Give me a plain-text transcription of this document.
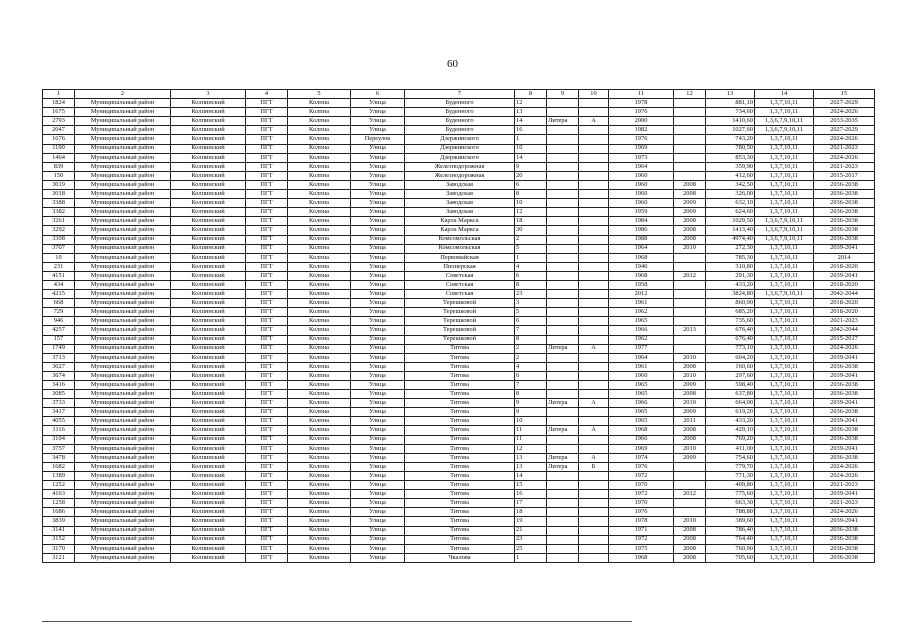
60
1	2	3	4	5	6	7	8	9	10	11	12	13	14	15
1824	Муниципальный район	Колпинский	ПГТ	Колпна	Улица	Буденного	12			1978		881,10	1,3,7,10,11	2027-2029
1675	Муниципальный район	Колпинский	ПГТ	Колпна	Улица	Буденного	13			1976		734,60	1,3,7,10,11	2024-2026
2793	Муниципальный район	Колпинский	ПГТ	Колпна	Улица	Буденного	14	Литера	А	2000		1410,60	1,3,6,7,9,10,11	2033-2035
2047	Муниципальный район	Колпинский	ПГТ	Колпна	Улица	Буденного	16			1982		1027,60	1,3,6,7,9,10,11	2027-2029
1676	Муниципальный район	Колпинский	ПГТ	Колпна	Переулок	Дзержинского	1			1976		743,20	1,3,7,10,11	2024-2026
1190	Муниципальный район	Колпинский	ПГТ	Колпна	Улица	Дзержинского	10			1969		780,50	1,3,7,10,11	2021-2023
1464	Муниципальный район	Колпинский	ПГТ	Колпна	Улица	Дзержинского	14			1973		853,30	1,3,7,10,11	2024-2026
839	Муниципальный район	Колпинский	ПГТ	Колпна	Улица	Железнодорожная	9			1964		359,90	1,3,7,10,11	2021-2023
150	Муниципальный район	Колпинский	ПГТ	Колпна	Улица	Железнодорожная	20			1960		412,60	1,3,7,10,11	2015-2017
3019	Муниципальный район	Колпинский	ПГТ	Колпна	Улица	Заводская	6			1960	2008	342,50	1,3,7,10,11	2036-2038
3018	Муниципальный район	Колпинский	ПГТ	Колпна	Улица	Заводская	8			1960	2008	326,00	1,3,7,10,11	2036-2038
3388	Муниципальный район	Колпинский	ПГТ	Колпна	Улица	Заводская	10			1960	2009	632,10	1,3,7,10,11	2036-2038
3382	Муниципальный район	Колпинский	ПГТ	Колпна	Улица	Заводская	12			1959	2009	624,60	1,3,7,10,11	2036-2038
3261	Муниципальный район	Колпинский	ПГТ	Колпна	Улица	Карла Маркса	18			1984	2008	1029,50	1,3,6,7,9,10,11	2036-2038
3292	Муниципальный район	Колпинский	ПГТ	Колпна	Улица	Карла Маркса	30			1986	2008	1413,40	1,3,6,7,9,10,11	2036-2038
3308	Муниципальный район	Колпинский	ПГТ	Колпна	Улица	Комсомольская	2			1988	2008	4974,40	1,3,6,7,9,10,11	2036-2038
3707	Муниципальный район	Колпинский	ПГТ	Колпна	Улица	Комсомольская	5			1964	2010	272,30	1,3,7,10,11	2039-2041
10	Муниципальный район	Колпинский	ПГТ	Колпна	Улица	Первомайская	1			1968		785,30	1,3,7,10,11	2014
231	Муниципальный район	Колпинский	ПГТ	Колпна	Улица	Пионерская	4			1940		310,80	1,3,7,10,11	2018-2020
4151	Муниципальный район	Колпинский	ПГТ	Колпна	Улица	Советская	6			1968	2012	291,30	1,3,7,10,11	2039-2041
434	Муниципальный район	Колпинский	ПГТ	Колпна	Улица	Советская	8			1958		433,20	1,3,7,10,11	2018-2020
4215	Муниципальный район	Колпинский	ПГТ	Колпна	Улица	Советская	23			2012		3824,80	1,3,6,7,9,10,11	2042-2044
668	Муниципальный район	Колпинский	ПГТ	Колпна	Улица	Терешковой	3			1961		860,00	1,3,7,10,11	2018-2020
729	Муниципальный район	Колпинский	ПГТ	Колпна	Улица	Терешковой	5			1962		685,20	1,3,7,10,11	2018-2020
946	Муниципальный район	Колпинский	ПГТ	Колпна	Улица	Терешковой	6			1965		735,60	1,3,7,10,11	2021-2023
4257	Муниципальный район	Колпинский	ПГТ	Колпна	Улица	Терешковой	7			1966	2013	676,40	1,3,7,10,11	2042-2044
157	Муниципальный район	Колпинский	ПГТ	Колпна	Улица	Терешковой	8			1962		676,40	1,3,7,10,11	2015-2017
1749	Муниципальный район	Колпинский	ПГТ	Колпна	Улица	Титова	2	Литера	А	1977		773,10	1,3,7,10,11	2024-2026
3713	Муниципальный район	Колпинский	ПГТ	Колпна	Улица	Титова	2			1964	2010	604,20	1,3,7,10,11	2039-2041
3027	Муниципальный район	Колпинский	ПГТ	Колпна	Улица	Титова	4			1961	2008	160,60	1,3,7,10,11	2036-2038
3674	Муниципальный район	Колпинский	ПГТ	Колпна	Улица	Титова	6			1960	2010	297,60	1,3,7,10,11	2039-2041
3416	Муниципальный район	Колпинский	ПГТ	Колпна	Улица	Титова	7			1965	2009	598,40	1,3,7,10,11	2036-2038
3085	Муниципальный район	Колпинский	ПГТ	Колпна	Улица	Титова	8			1965	2008	637,80	1,3,7,10,11	2036-2038
3733	Муниципальный район	Колпинский	ПГТ	Колпна	Улица	Титова	9	Литера	А	1966	2010	664,00	1,3,7,10,11	2039-2041
3417	Муниципальный район	Колпинский	ПГТ	Колпна	Улица	Титова	9			1965	2009	619,20	1,3,7,10,11	2036-2038
4055	Муниципальный район	Колпинский	ПГТ	Колпна	Улица	Титова	10			1965	2011	433,20	1,3,7,10,11	2039-2041
3116	Муниципальный район	Колпинский	ПГТ	Колпна	Улица	Титова	11	Литера	А	1968	2008	429,10	1,3,7,10,11	2036-2038
3104	Муниципальный район	Колпинский	ПГТ	Колпна	Улица	Титова	11			1966	2008	769,20	1,3,7,10,11	2036-2038
3757	Муниципальный район	Колпинский	ПГТ	Колпна	Улица	Титова	12			1969	2010	411,00	1,3,7,10,11	2039-2041
3478	Муниципальный район	Колпинский	ПГТ	Колпна	Улица	Титова	13	Литера	А	1974	2009	754,60	1,3,7,10,11	2036-2038
1682	Муниципальный район	Колпинский	ПГТ	Колпна	Улица	Титова	13	Литера	Б	1976		779,70	1,3,7,10,11	2024-2026
1389	Муниципальный район	Колпинский	ПГТ	Колпна	Улица	Титова	14			1972		771,30	1,3,7,10,11	2024-2026
1252	Муниципальный район	Колпинский	ПГТ	Колпна	Улица	Титова	15			1970		409,80	1,3,7,10,11	2021-2023
4163	Муниципальный район	Колпинский	ПГТ	Колпна	Улица	Титова	16			1972	2012	775,60	1,3,7,10,11	2039-2041
1258	Муниципальный район	Колпинский	ПГТ	Колпна	Улица	Титова	17			1970		663,30	1,3,7,10,11	2021-2023
1686	Муниципальный район	Колпинский	ПГТ	Колпна	Улица	Титова	18			1976		788,80	1,3,7,10,11	2024-2026
3839	Муниципальный район	Колпинский	ПГТ	Колпна	Улица	Титова	19			1978	2010	389,60	1,3,7,10,11	2039-2041
3141	Муниципальный район	Колпинский	ПГТ	Колпна	Улица	Титова	21			1971	2008	786,40	1,3,7,10,11	2036-2038
3152	Муниципальный район	Колпинский	ПГТ	Колпна	Улица	Титова	23			1972	2008	764,40	1,3,7,10,11	2036-2038
3170	Муниципальный район	Колпинский	ПГТ	Колпна	Улица	Титова	25			1975	2008	760,90	1,3,7,10,11	2036-2038
3121	Муниципальный район	Колпинский	ПГТ	Колпна	Улица	Чкалова	1			1968	2008	705,60	1,3,7,10,11	2036-2038
